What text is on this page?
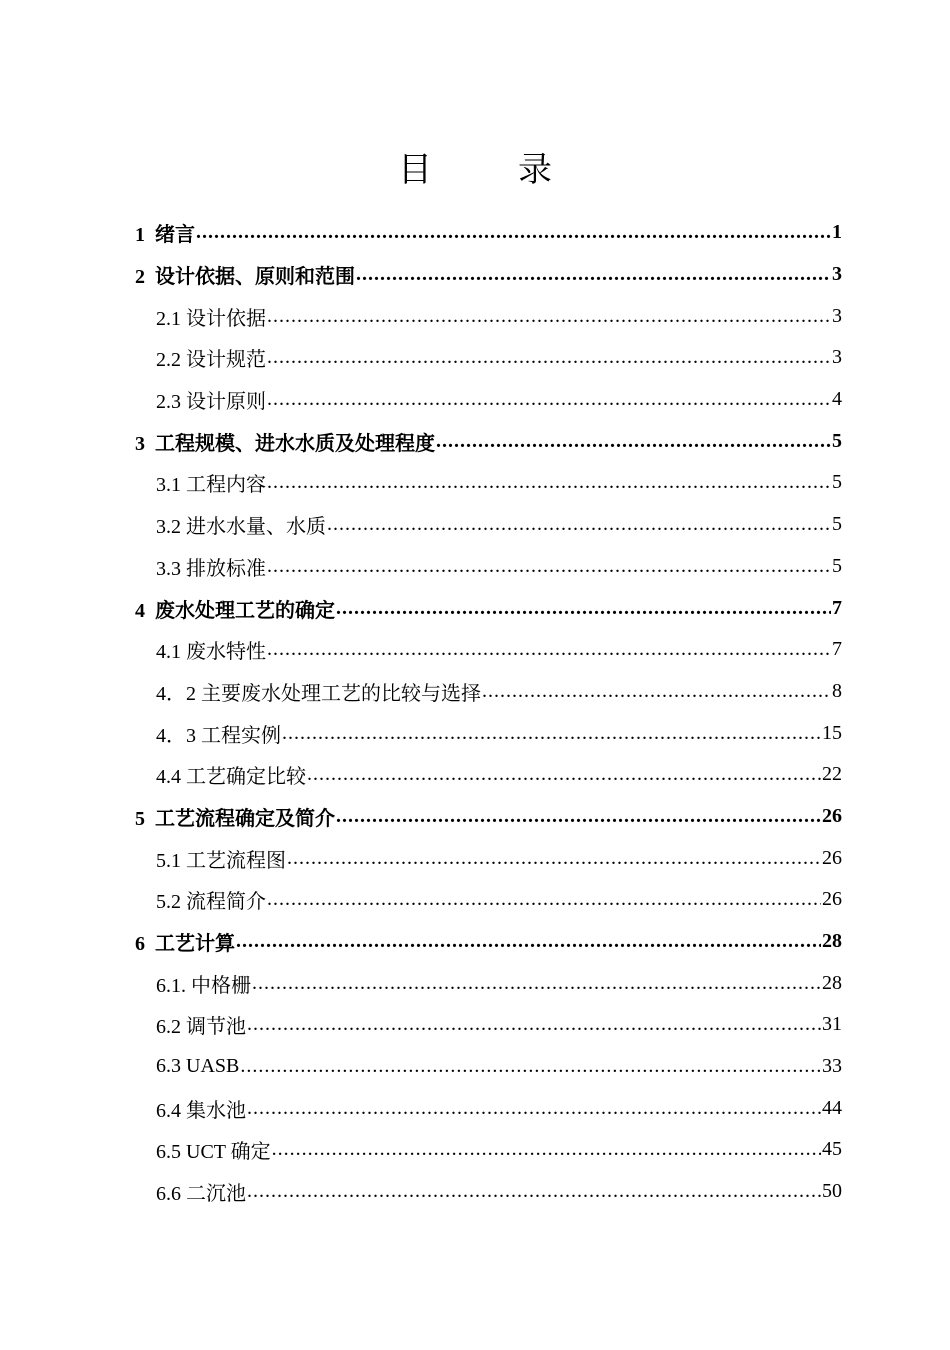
目　录
1 绪言 .....	1
2 设计依据、原则和范围 .....	3
2.1 设计依据 .....	3
2.2 设计规范 .....	3
2.3 设计原则 .....	4
3 工程规模、进水水质及处理程度 .....	5
3.1 工程内容 .....	5
3.2 进水水量、水质 .....	5
3.3 排放标准 .....	5
4 废水处理工艺的确定 .....	7
4.1 废水特性 .....	7
4．2 主要废水处理工艺的比较与选择 .....	8
4．3 工程实例 .....	15
4.4 工艺确定比较 .....	22
5 工艺流程确定及简介 .....	26
5.1 工艺流程图 .....	26
5.2 流程简介 .....	26
6 工艺计算 .....	28
6.1. 中格栅 .....	28
6.2 调节池 .....	31
6.3 UASB .....	33
6.4 集水池 .....	44
6.5 UCT 确定 .....	45
6.6 二沉池 .....	50
